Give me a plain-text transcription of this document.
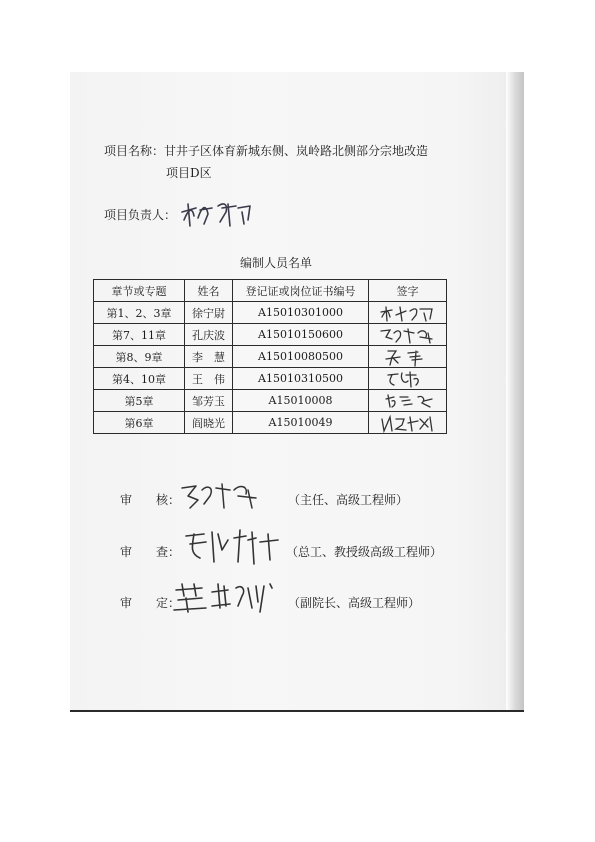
项目名称：甘井子区体育新城东侧、岚岭路北侧部分宗地改造
项目D区
项目负责人：
编制人员名单
章节或专题	姓名	登记证或岗位证书编号	签字
第1、2、3章	徐宁尉	A15010301000	

第7、11章	孔庆波	A15010150600	

第8、9章	李　慧	A15010080500	

第4、10章	王　伟	A15010310500	

第5章	邹芳玉	A15010008	

第6章	阎晓光	A15010049	
审　　核：	（主任、高级工程师）
审　　查：	（总工、教授级高级工程师）
审　　定：	（副院长、高级工程师）
